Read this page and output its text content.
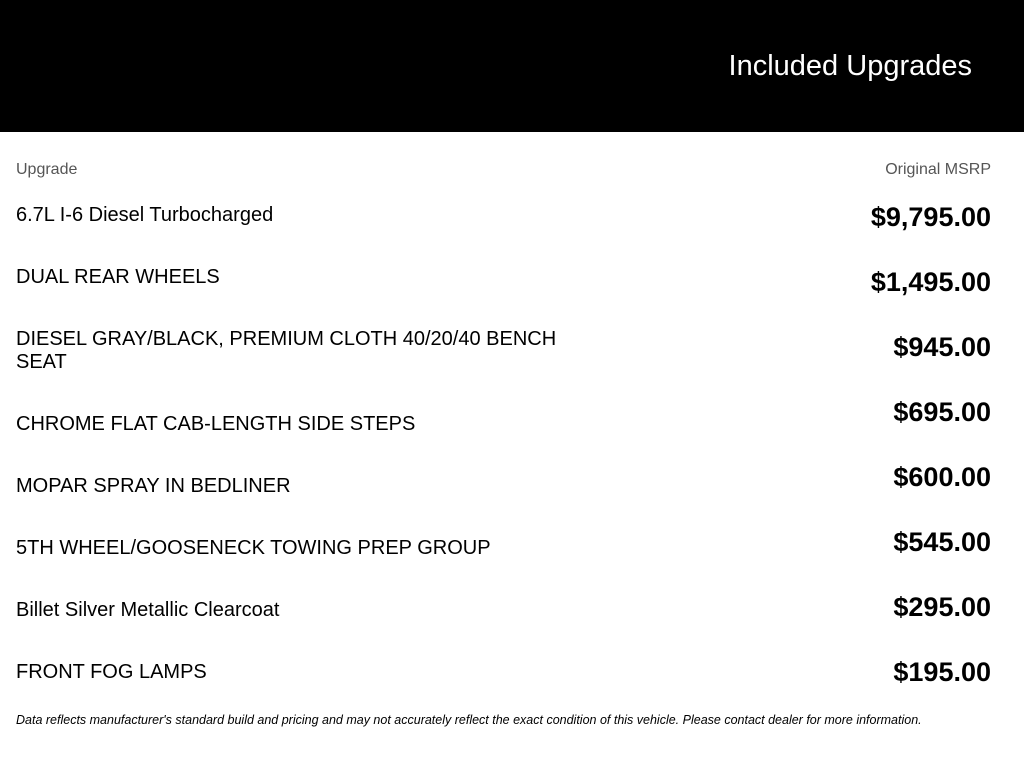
Included Upgrades
Upgrade	Original MSRP
6.7L I-6 Diesel Turbocharged	$9,795.00
DUAL REAR WHEELS	$1,495.00
DIESEL GRAY/BLACK, PREMIUM CLOTH 40/20/40 BENCH SEAT	$945.00
CHROME FLAT CAB-LENGTH SIDE STEPS	$695.00
MOPAR SPRAY IN BEDLINER	$600.00
5TH WHEEL/GOOSENECK TOWING PREP GROUP	$545.00
Billet Silver Metallic Clearcoat	$295.00
FRONT FOG LAMPS	$195.00
Data reflects manufacturer's standard build and pricing and may not accurately reflect the exact condition of this vehicle. Please contact dealer for more information.
